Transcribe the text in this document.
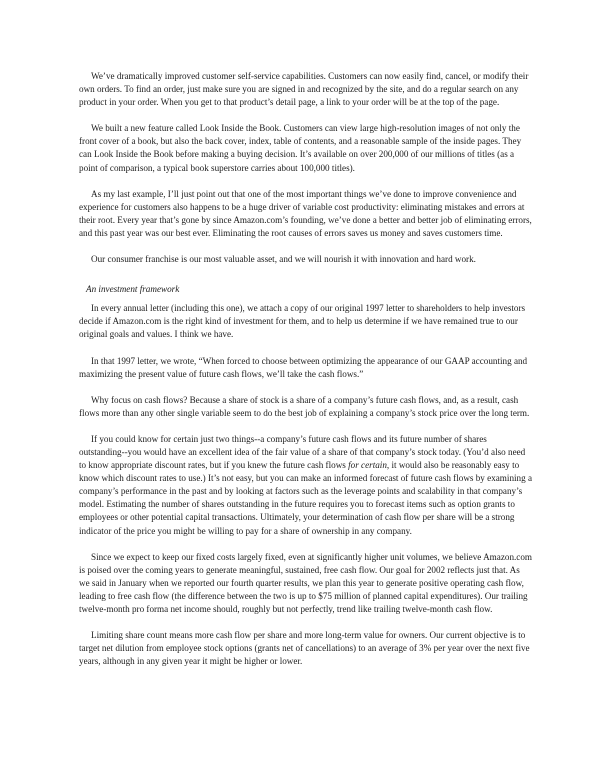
We’ve dramatically improved customer self-service capabilities. Customers can now easily find, cancel, or modify their own orders. To find an order, just make sure you are signed in and recognized by the site, and do a regular search on any product in your order. When you get to that product’s detail page, a link to your order will be at the top of the page.

We built a new feature called Look Inside the Book. Customers can view large high-resolution images of not only the front cover of a book, but also the back cover, index, table of contents, and a reasonable sample of the inside pages. They can Look Inside the Book before making a buying decision. It’s available on over 200,000 of our millions of titles (as a point of comparison, a typical book superstore carries about 100,000 titles).

As my last example, I’ll just point out that one of the most important things we’ve done to improve convenience and experience for customers also happens to be a huge driver of variable cost productivity: eliminating mistakes and errors at their root. Every year that’s gone by since Amazon.com’s founding, we’ve done a better and better job of eliminating errors, and this past year was our best ever. Eliminating the root causes of errors saves us money and saves customers time.

Our consumer franchise is our most valuable asset, and we will nourish it with innovation and hard work.

An investment framework

In every annual letter (including this one), we attach a copy of our original 1997 letter to shareholders to help investors decide if Amazon.com is the right kind of investment for them, and to help us determine if we have remained true to our original goals and values. I think we have.

In that 1997 letter, we wrote, “When forced to choose between optimizing the appearance of our GAAP accounting and maximizing the present value of future cash flows, we’ll take the cash flows.”

Why focus on cash flows? Because a share of stock is a share of a company’s future cash flows, and, as a result, cash flows more than any other single variable seem to do the best job of explaining a company’s stock price over the long term.

If you could know for certain just two things--a company’s future cash flows and its future number of shares outstanding--you would have an excellent idea of the fair value of a share of that company’s stock today. (You’d also need to know appropriate discount rates, but if you knew the future cash flows for certain, it would also be reasonably easy to know which discount rates to use.) It’s not easy, but you can make an informed forecast of future cash flows by examining a company’s performance in the past and by looking at factors such as the leverage points and scalability in that company’s model. Estimating the number of shares outstanding in the future requires you to forecast items such as option grants to employees or other potential capital transactions. Ultimately, your determination of cash flow per share will be a strong indicator of the price you might be willing to pay for a share of ownership in any company.

Since we expect to keep our fixed costs largely fixed, even at significantly higher unit volumes, we believe Amazon.com is poised over the coming years to generate meaningful, sustained, free cash flow. Our goal for 2002 reflects just that. As we said in January when we reported our fourth quarter results, we plan this year to generate positive operating cash flow, leading to free cash flow (the difference between the two is up to $75 million of planned capital expenditures). Our trailing twelve-month pro forma net income should, roughly but not perfectly, trend like trailing twelve-month cash flow.

Limiting share count means more cash flow per share and more long-term value for owners. Our current objective is to target net dilution from employee stock options (grants net of cancellations) to an average of 3% per year over the next five years, although in any given year it might be higher or lower.
